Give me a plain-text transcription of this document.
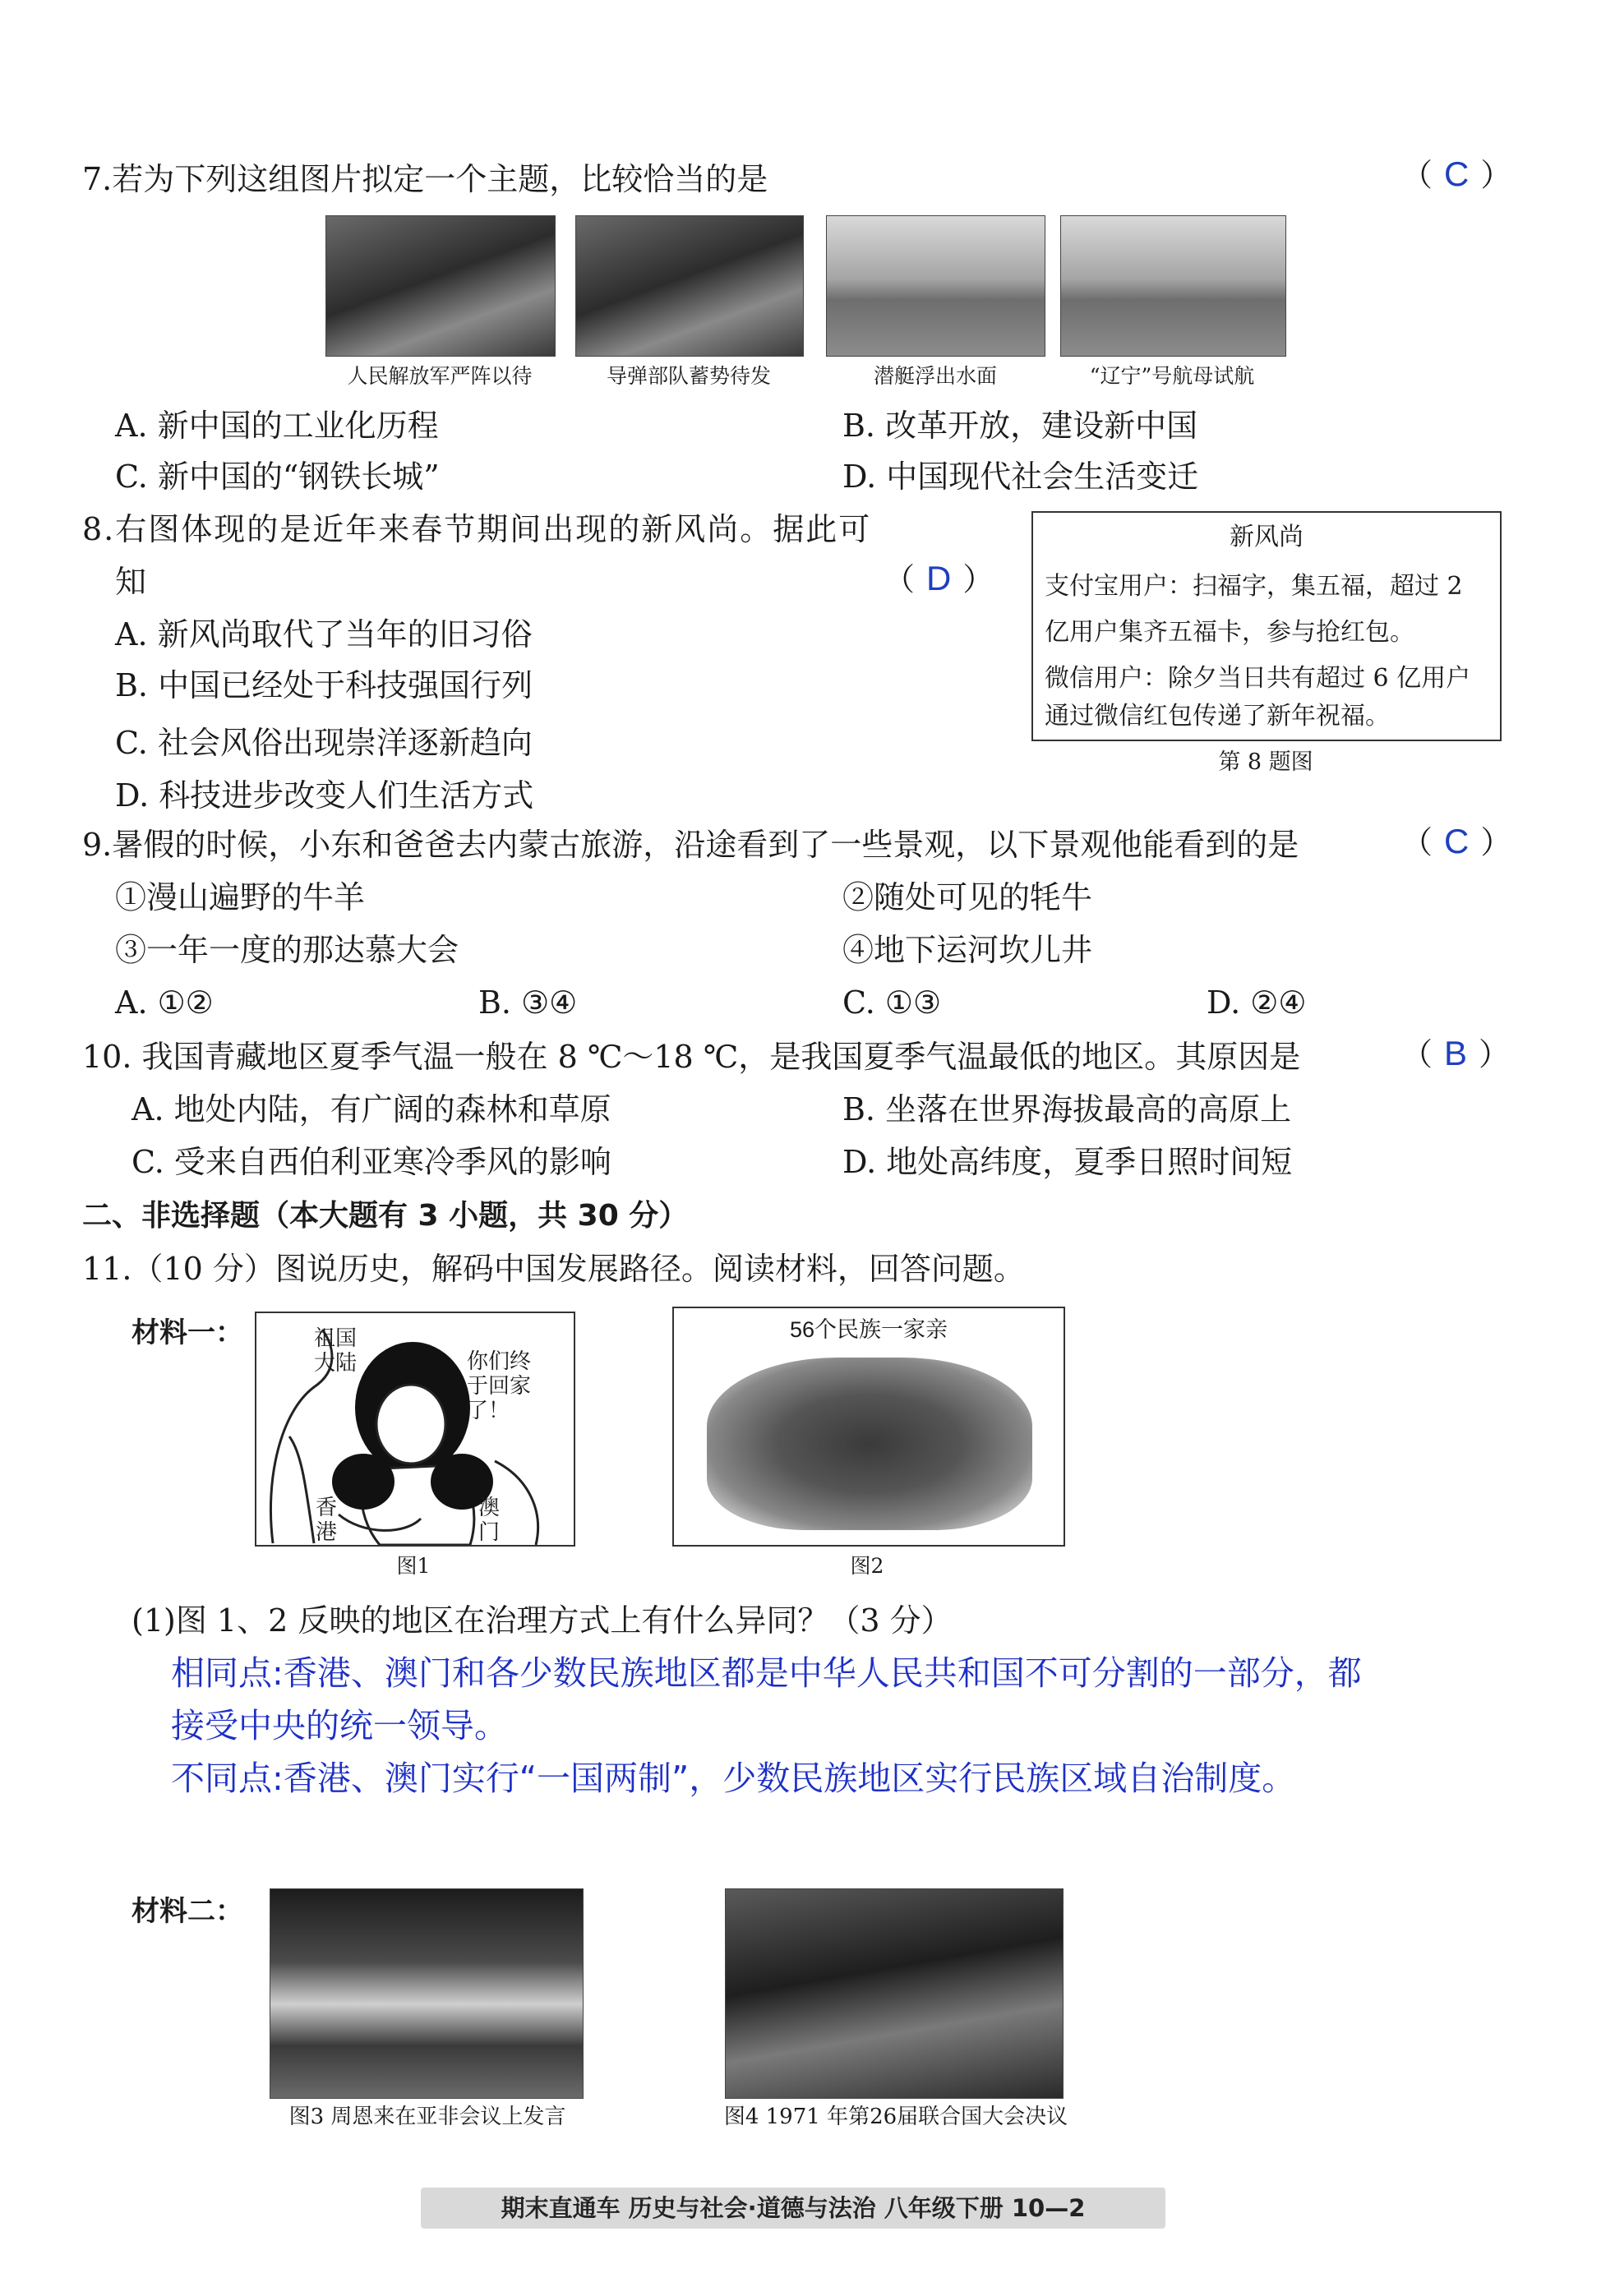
7.若为下列这组图片拟定一个主题，比较恰当的是	（ C ）
人民解放军严阵以待	导弹部队蓄势待发	潜艇浮出水面	“辽宁”号航母试航
A. 新中国的工业化历程	B. 改革开放，建设新中国
C. 新中国的“钢铁长城”	D. 中国现代社会生活变迁
8.右图体现的是近年来春节期间出现的新风尚。据此可
知	（ D ）
A. 新风尚取代了当年的旧习俗
B. 中国已经处于科技强国行列
C. 社会风俗出现崇洋逐新趋向
D. 科技进步改变人们生活方式
新风尚
支付宝用户：扫福字，集五福，超过 2
亿用户集齐五福卡，参与抢红包。
微信用户：除夕当日共有超过 6 亿用户
通过微信红包传递了新年祝福。
第 8 题图
9.暑假的时候，小东和爸爸去内蒙古旅游，沿途看到了一些景观，以下景观他能看到的是	（ C ）
①漫山遍野的牛羊	②随处可见的牦牛
③一年一度的那达慕大会	④地下运河坎儿井
A. ①②	B. ③④	C. ①③	D. ②④
10. 我国青藏地区夏季气温一般在 8 ℃～18 ℃，是我国夏季气温最低的地区。其原因是	（ B ）
A. 地处内陆，有广阔的森林和草原	B. 坐落在世界海拔最高的高原上
C. 受来自西伯利亚寒冷季风的影响	D. 地处高纬度，夏季日照时间短
二、非选择题（本大题有 3 小题，共 30 分）
11.（10 分）图说历史，解码中国发展路径。阅读材料，回答问题。
材料一：	祖国大陆	你们终于回家了！
香港
澳门
图1
56个民族一家亲
图2
(1)图 1、2 反映的地区在治理方式上有什么异同？（3 分）
相同点:香港、澳门和各少数民族地区都是中华人民共和国不可分割的一部分，都
接受中央的统一领导。
不同点:香港、澳门实行“一国两制”，少数民族地区实行民族区域自治制度。
材料二：
图3 周恩来在亚非会议上发言	图4 1971 年第26届联合国大会决议
期末直通车 历史与社会·道德与法治 八年级下册 10—2
